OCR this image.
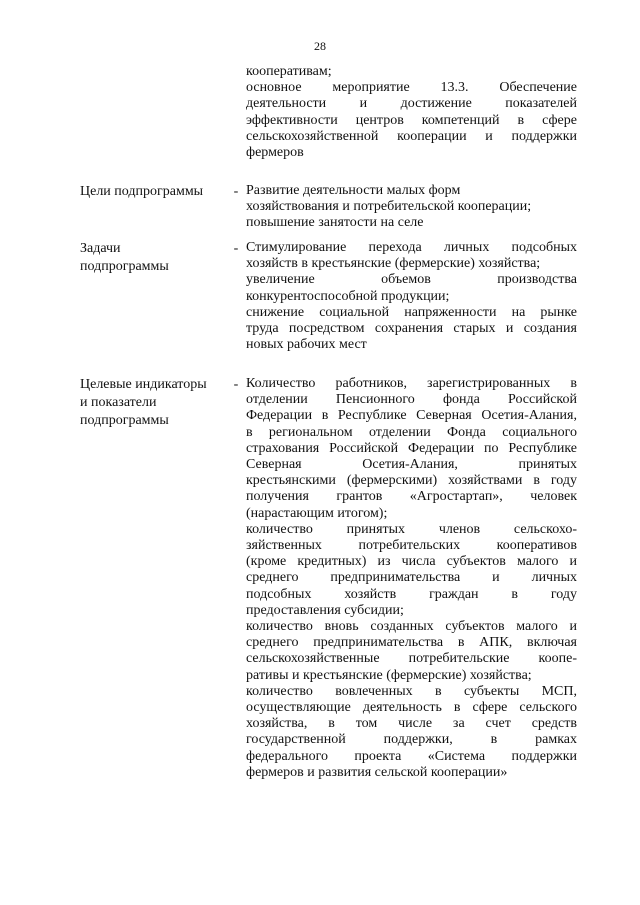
28
кооперативам;
основное мероприятие 13.3. Обеспечение
деятельности и достижение показателей
эффективности центров компетенций в сфере
сельскохозяйственной кооперации и поддержки
фермеров
Цели подпрограммы	- Развитие деятельности малых форм
хозяйствования и потребительской кооперации;
повышение занятости на селе
Задачи
подпрограммы
- Стимулирование перехода личных подсобных
хозяйств в крестьянские (фермерские) хозяйства;
увеличение объемов производства
конкурентоспособной продукции;
снижение социальной напряженности на рынке
труда посредством сохранения старых и создания
новых рабочих мест
Целевые индикаторы
и показатели
подпрограммы
- Количество работников, зарегистрированных в
отделении Пенсионного фонда Российской
Федерации в Республике Северная Осетия-Алания,
в региональном отделении Фонда социального
страхования Российской Федерации по Республике
Северная Осетия-Алания, принятых
крестьянскими (фермерскими) хозяйствами в году
получения грантов «Агростартап», человек
(нарастающим итогом);
количество принятых членов сельскохо-
зяйственных потребительских кооперативов
(кроме кредитных) из числа субъектов малого и
среднего предпринимательства и личных
подсобных хозяйств граждан в году
предоставления субсидии;
количество вновь созданных субъектов малого и
среднего предпринимательства в АПК, включая
сельскохозяйственные потребительские коопе-
ративы и крестьянские (фермерские) хозяйства;
количество вовлеченных в субъекты МСП,
осуществляющие деятельность в сфере сельского
хозяйства, в том числе за счет средств
государственной поддержки, в рамках
федерального проекта «Система поддержки
фермеров и развития сельской кооперации»
